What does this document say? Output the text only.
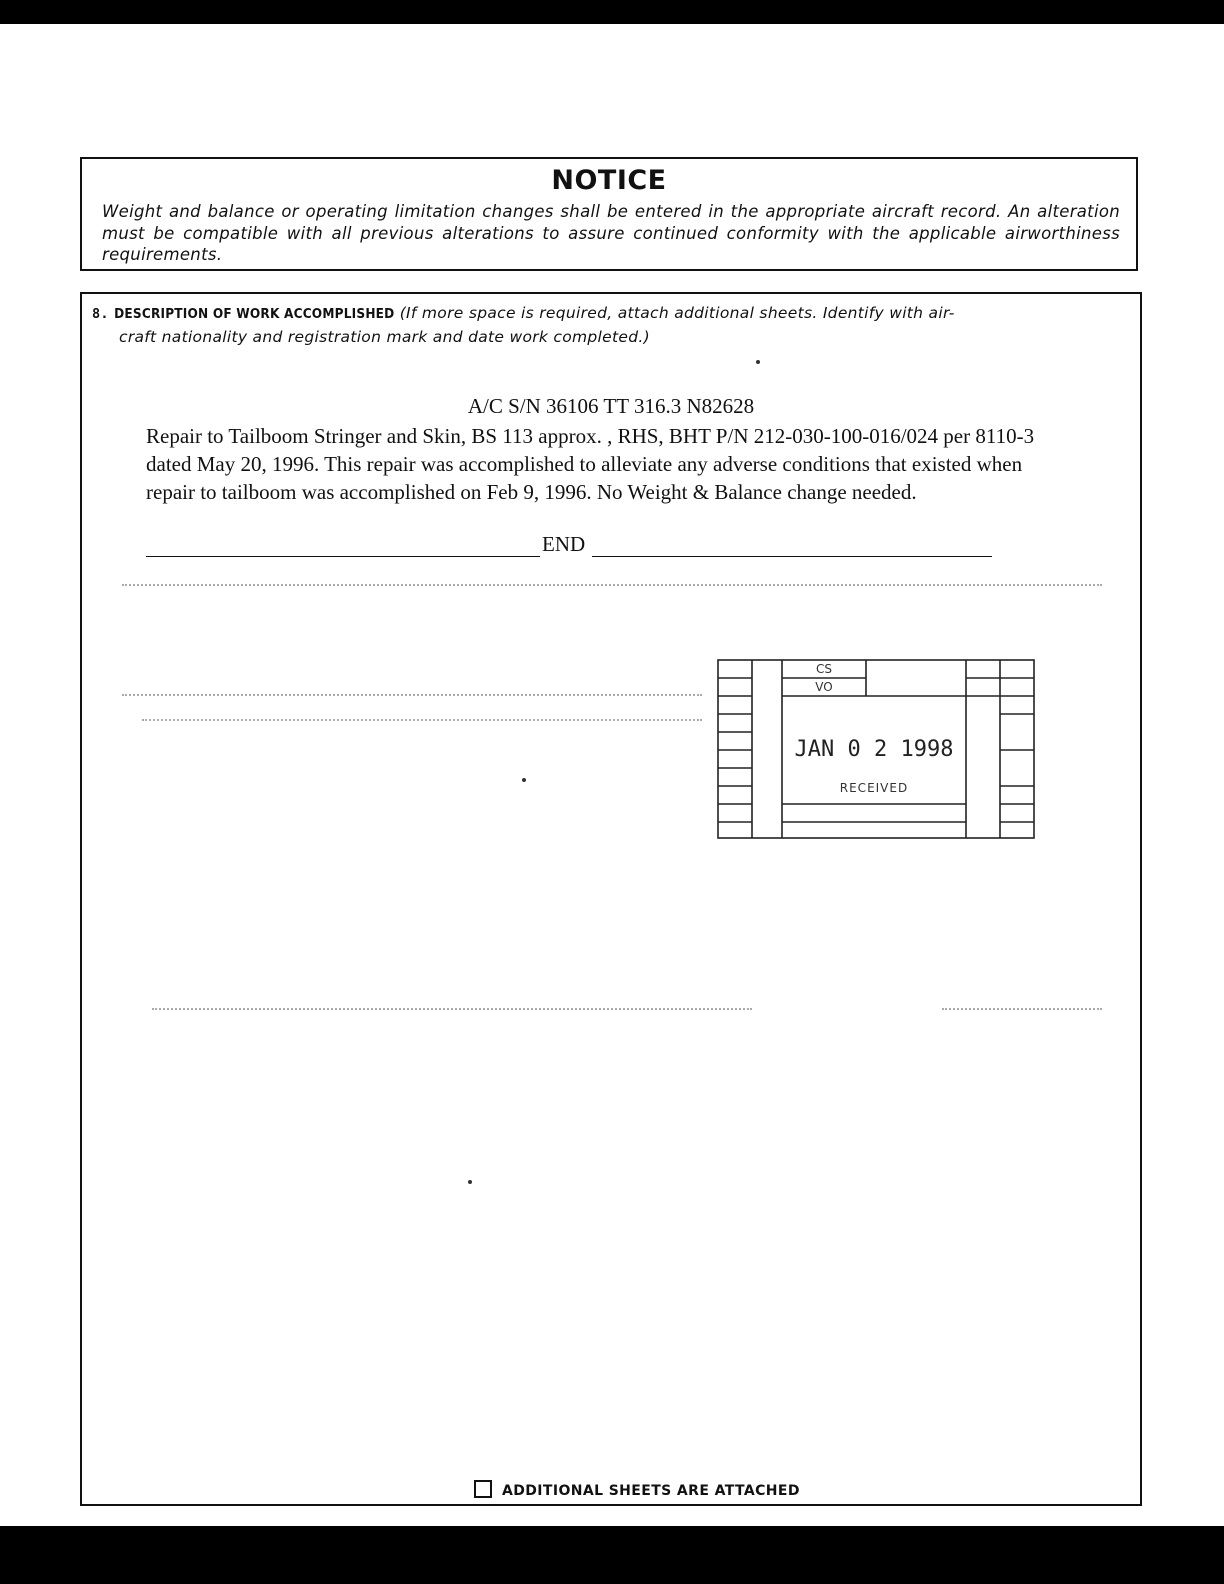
NOTICE
Weight and balance or operating limitation changes shall be entered in the appropriate aircraft record. An alteration must be compatible with all previous alterations to assure continued conformity with the applicable airworthiness requirements.
8. DESCRIPTION OF WORK ACCOMPLISHED (If more space is required, attach additional sheets. Identify with air-
craft nationality and registration mark and date work completed.)
A/C S/N 36106 TT 316.3 N82628
Repair to Tailboom Stringer and Skin, BS 113 approx. , RHS, BHT P/N 212-030-100-016/024 per 8110-3 dated May 20, 1996. This repair was accomplished to alleviate any adverse conditions that existed when repair to tailboom was accomplished on Feb 9, 1996. No Weight & Balance change needed.
END
CS
VO
JAN 0 2 1998
RECEIVED
ADDITIONAL SHEETS ARE ATTACHED
